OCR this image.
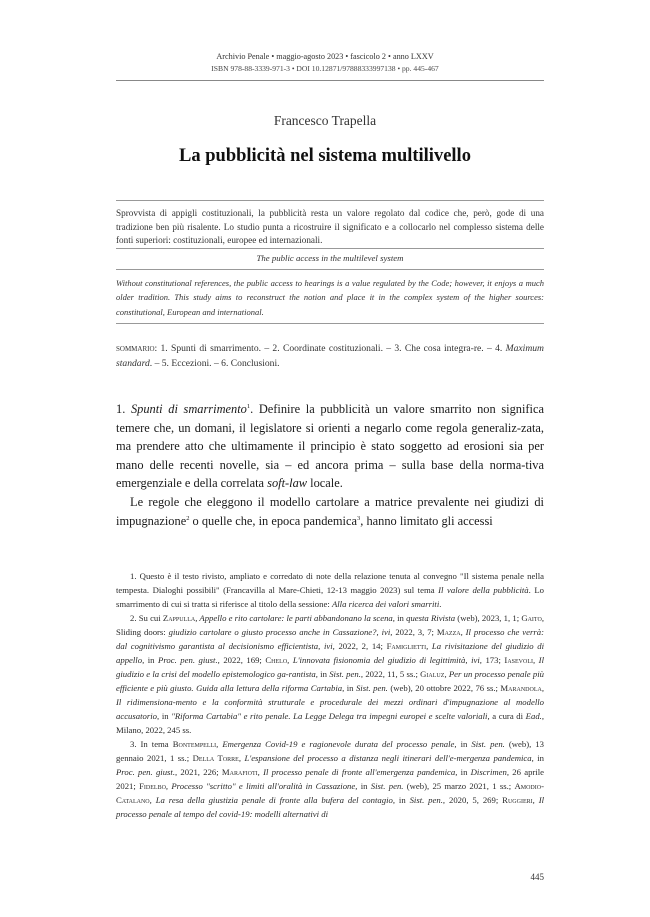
Archivio Penale • maggio-agosto 2023 • fascicolo 2 • anno LXXV
ISBN 978-88-3339-971-3 • DOI 10.12871/97888333997138 • pp. 445-467
Francesco Trapella
La pubblicità nel sistema multilivello
Sprovvista di appigli costituzionali, la pubblicità resta un valore regolato dal codice che, però, gode di una tradizione ben più risalente. Lo studio punta a ricostruire il significato e a collocarlo nel complesso sistema delle fonti superiori: costituzionali, europee ed internazionali.
The public access in the multilevel system
Without constitutional references, the public access to hearings is a value regulated by the Code; however, it enjoys a much older tradition. This study aims to reconstruct the notion and place it in the complex system of the higher sources: constitutional, European and international.
sommario: 1. Spunti di smarrimento. – 2. Coordinate costituzionali. – 3. Che cosa integra-re. – 4. Maximum standard. – 5. Eccezioni. – 6. Conclusioni.

1. Spunti di smarrimento$^1$. Definire la pubblicità un valore smarrito non significa temere che, un domani, il legislatore si orienti a negarlo come regola generaliz-zata, ma prendere atto che ultimamente il principio è stato soggetto ad erosioni sia per mano delle recenti novelle, sia – ed ancora prima – sulla base della norma-tiva emergenziale e della correlata soft-law locale.

Le regole che eleggono il modello cartolare a matrice prevalente nei giudizi di impugnazione$^2$ o quelle che, in epoca pandemica$^3$, hanno limitato gli accessi

1. Questo è il testo rivisto, ampliato e corredato di note della relazione tenuta al convegno "Il sistema penale nella tempesta. Dialoghi possibili" (Francavilla al Mare-Chieti, 12-13 maggio 2023) sul tema Il valore della pubblicità. Lo smarrimento di cui si tratta si riferisce al titolo della sessione: Alla ricerca dei valori smarriti.

2. Su cui Zappulla, Appello e rito cartolare: le parti abbandonano la scena, in questa Rivista (web), 2023, 1, 1; Gaito, Sliding doors: giudizio cartolare o giusto processo anche in Cassazione?, ivi, 2022, 3, 7; Mazza, Il processo che verrà: dal cognitivismo garantista al decisionismo efficientista, ivi, 2022, 2, 14; Famiglietti, La rivisitazione del giudizio di appello, in Proc. pen. giust., 2022, 169; Chelo, L'innovata fisionomia del giudizio di legittimità, ivi, 173; Iasevoli, Il giudizio e la crisi del modello epistemologico ga-rantista, in Sist. pen., 2022, 11, 5 ss.; Gialuz, Per un processo penale più efficiente e più giusto. Guida alla lettura della riforma Cartabia, in Sist. pen. (web), 20 ottobre 2022, 76 ss.; Marandola, Il ridimensiona-mento e la conformità strutturale e procedurale dei mezzi ordinari d'impugnazione al modello accusatorio, in "Riforma Cartabia" e rito penale. La Legge Delega tra impegni europei e scelte valoriali, a cura di Ead., Milano, 2022, 245 ss.

3. In tema Bontempelli, Emergenza Covid-19 e ragionevole durata del processo penale, in Sist. pen. (web), 13 gennaio 2021, 1 ss.; Della Torre, L'espansione del processo a distanza negli itinerari dell'e-mergenza pandemica, in Proc. pen. giust., 2021, 226; Marafioti, Il processo penale di fronte all'emergenza pandemica, in Discrimen, 26 aprile 2021; Fidelbo, Processo "scritto" e limiti all'oralità in Cassazione, in Sist. pen. (web), 25 marzo 2021, 1 ss.; Amodio-Catalano, La resa della giustizia penale di fronte alla bufera del contagio, in Sist. pen., 2020, 5, 269; Ruggieri, Il processo penale al tempo del covid-19: modelli alternativi di

445
